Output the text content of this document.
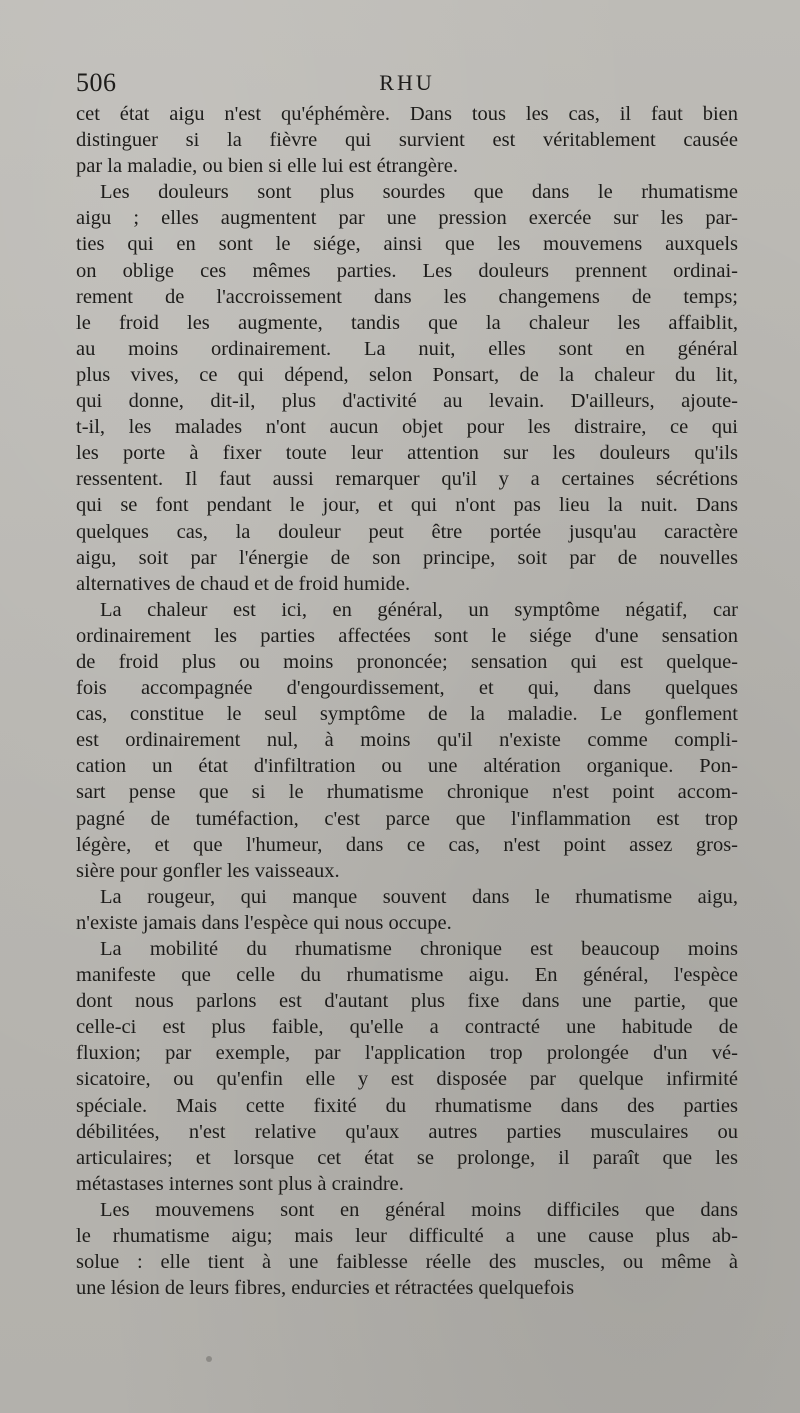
506	RHU
cet état aigu n'est qu'éphémère. Dans tous les cas, il faut bien
distinguer si la fièvre qui survient est véritablement causée
par la maladie, ou bien si elle lui est étrangère.
Les douleurs sont plus sourdes que dans le rhumatisme
aigu ; elles augmentent par une pression exercée sur les par-
ties qui en sont le siége, ainsi que les mouvemens auxquels
on oblige ces mêmes parties. Les douleurs prennent ordinai-
rement de l'accroissement dans les changemens de temps;
le froid les augmente, tandis que la chaleur les affaiblit,
au moins ordinairement. La nuit, elles sont en général
plus vives, ce qui dépend, selon Ponsart, de la chaleur du lit,
qui donne, dit-il, plus d'activité au levain. D'ailleurs, ajoute-
t-il, les malades n'ont aucun objet pour les distraire, ce qui
les porte à fixer toute leur attention sur les douleurs qu'ils
ressentent. Il faut aussi remarquer qu'il y a certaines sécrétions
qui se font pendant le jour, et qui n'ont pas lieu la nuit. Dans
quelques cas, la douleur peut être portée jusqu'au caractère
aigu, soit par l'énergie de son principe, soit par de nouvelles
alternatives de chaud et de froid humide.
La chaleur est ici, en général, un symptôme négatif, car
ordinairement les parties affectées sont le siége d'une sensation
de froid plus ou moins prononcée; sensation qui est quelque-
fois accompagnée d'engourdissement, et qui, dans quelques
cas, constitue le seul symptôme de la maladie. Le gonflement
est ordinairement nul, à moins qu'il n'existe comme compli-
cation un état d'infiltration ou une altération organique. Pon-
sart pense que si le rhumatisme chronique n'est point accom-
pagné de tuméfaction, c'est parce que l'inflammation est trop
légère, et que l'humeur, dans ce cas, n'est point assez gros-
sière pour gonfler les vaisseaux.
La rougeur, qui manque souvent dans le rhumatisme aigu,
n'existe jamais dans l'espèce qui nous occupe.
La mobilité du rhumatisme chronique est beaucoup moins
manifeste que celle du rhumatisme aigu. En général, l'espèce
dont nous parlons est d'autant plus fixe dans une partie, que
celle-ci est plus faible, qu'elle a contracté une habitude de
fluxion; par exemple, par l'application trop prolongée d'un vé-
sicatoire, ou qu'enfin elle y est disposée par quelque infirmité
spéciale. Mais cette fixité du rhumatisme dans des parties
débilitées, n'est relative qu'aux autres parties musculaires ou
articulaires; et lorsque cet état se prolonge, il paraît que les
métastases internes sont plus à craindre.
Les mouvemens sont en général moins difficiles que dans
le rhumatisme aigu; mais leur difficulté a une cause plus ab-
solue : elle tient à une faiblesse réelle des muscles, ou même à
une lésion de leurs fibres, endurcies et rétractées quelquefois
